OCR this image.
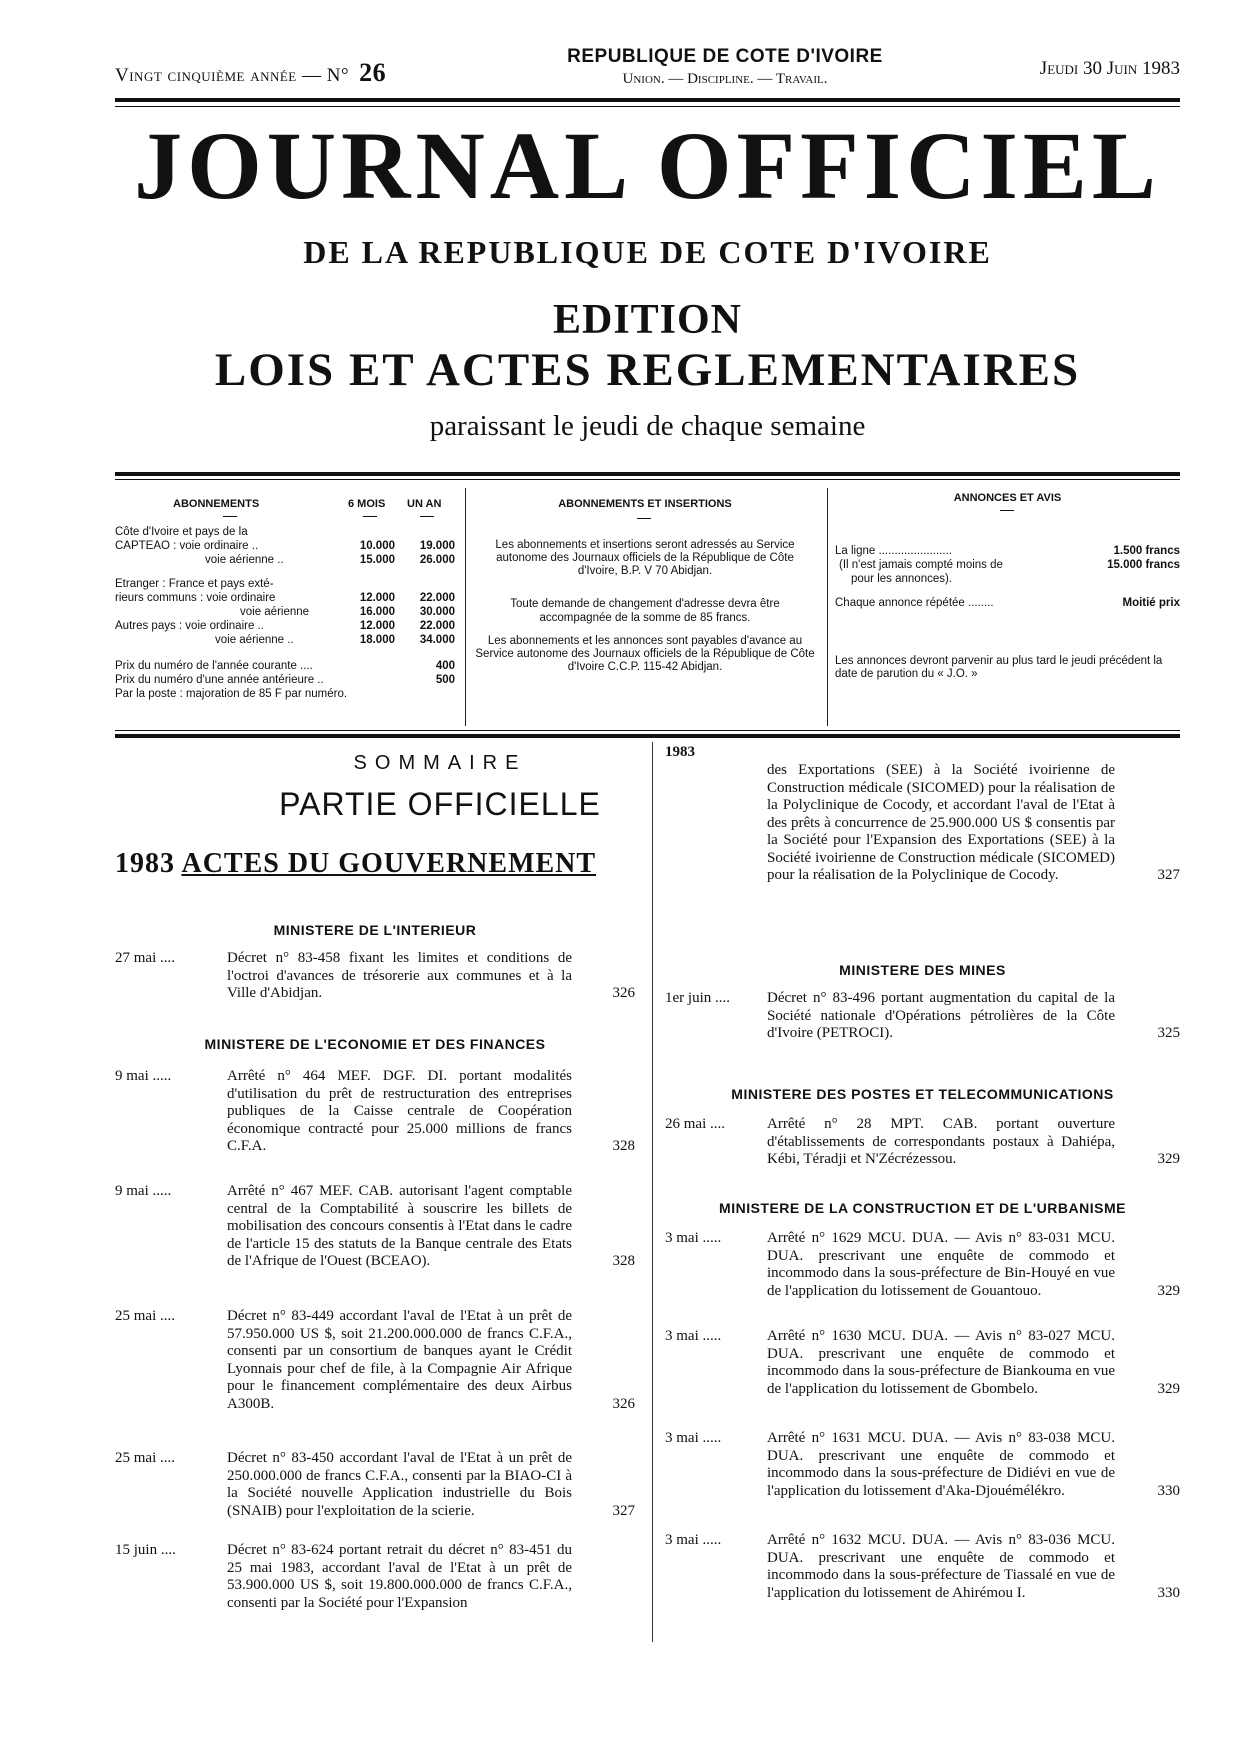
Vingt cinquième année — N° 26
REPUBLIQUE DE COTE D'IVOIRE
Union. — Discipline. — Travail.	Jeudi 30 Juin 1983
JOURNAL OFFICIEL
DE LA REPUBLIQUE DE COTE D'IVOIRE
EDITION
LOIS ET ACTES REGLEMENTAIRES
paraissant le jeudi de chaque semaine
ABONNEMENTS	6 MOIS UN AN
Côte d'Ivoire et pays de la
CAPTEAO : voie ordinaire ..	10.000	19.000
voie aérienne ..	15.000	26.000
Etranger : France et pays exté-
rieurs communs : voie ordinaire	12.000	22.000
voie aérienne	16.000	30.000
Autres pays : voie ordinaire ..	12.000	22.000
voie aérienne ..	18.000	34.000
Prix du numéro de l'année courante ....	400
Prix du numéro d'une année antérieure ..	500
Par la poste : majoration de 85 F par numéro.
ABONNEMENTS ET INSERTIONS

Les abonnements et insertions seront adressés au Service autonome des Journaux officiels de la République de Côte d'Ivoire, B.P. V 70 Abidjan.

Toute demande de changement d'adresse devra être accompagnée de la somme de 85 francs.

Les abonnements et les annonces sont payables d'avance au Service autonome des Journaux officiels de la République de Côte d'Ivoire C.C.P. 115-42 Abidjan.

ANNONCES ET AVIS
La ligne .......................	1.500 francs
(Il n'est jamais compté moins de	15.000 francs
pour les annonces).
Chaque annonce répétée ........	Moitié prix

Les annonces devront parvenir au plus tard le jeudi précédent la date de parution du « J.O. »

SOMMAIRE
PARTIE OFFICIELLE
1983 ACTES DU GOUVERNEMENT
MINISTERE DE L'INTERIEUR
27 mai ....	Décret n° 83-458 fixant les limites et conditions de l'octroi d'avances de trésorerie aux communes et à la Ville d'Abidjan.	326
MINISTERE DE L'ECONOMIE ET DES FINANCES
9 mai .....	Arrêté n° 464 MEF. DGF. DI. portant modalités d'utilisation du prêt de restructuration des entreprises publiques de la Caisse centrale de Coopération économique contracté pour 25.000 millions de francs C.F.A.	328
9 mai .....	Arrêté n° 467 MEF. CAB. autorisant l'agent comptable central de la Comptabilité à souscrire les billets de mobilisation des concours consentis à l'Etat dans le cadre de l'article 15 des statuts de la Banque centrale des Etats de l'Afrique de l'Ouest (BCEAO).	328
25 mai ....	Décret n° 83-449 accordant l'aval de l'Etat à un prêt de 57.950.000 US $, soit 21.200.000.000 de francs C.F.A., consenti par un consortium de banques ayant le Crédit Lyonnais pour chef de file, à la Compagnie Air Afrique pour le financement complémentaire des deux Airbus A300B.	326
25 mai ....	Décret n° 83-450 accordant l'aval de l'Etat à un prêt de 250.000.000 de francs C.F.A., consenti par la BIAO-CI à la Société nouvelle Application industrielle du Bois (SNAIB) pour l'exploitation de la scierie.	327
15 juin ....	Décret n° 83-624 portant retrait du décret n° 83-451 du 25 mai 1983, accordant l'aval de l'Etat à un prêt de 53.900.000 US $, soit 19.800.000.000 de francs C.F.A., consenti par la Société pour l'Expansion
1983
des Exportations (SEE) à la Société ivoirienne de Construction médicale (SICOMED) pour la réalisation de la Polyclinique de Cocody, et accordant l'aval de l'Etat à des prêts à concurrence de 25.900.000 US $ consentis par la Société pour l'Expansion des Exportations (SEE) à la Société ivoirienne de Construction médicale (SICOMED) pour la réalisation de la Polyclinique de Cocody.	327
MINISTERE DES MINES
1er juin ....	Décret n° 83-496 portant augmentation du capital de la Société nationale d'Opérations pétrolières de la Côte d'Ivoire (PETROCI).	325
MINISTERE DES POSTES ET TELECOMMUNICATIONS
26 mai ....	Arrêté n° 28 MPT. CAB. portant ouverture d'établissements de correspondants postaux à Dahiépa, Kébi, Téradji et N'Zécrézessou.	329
MINISTERE DE LA CONSTRUCTION ET DE L'URBANISME
3 mai .....	Arrêté n° 1629 MCU. DUA. — Avis n° 83-031 MCU. DUA. prescrivant une enquête de commodo et incommodo dans la sous-préfecture de Bin-Houyé en vue de l'application du lotissement de Gouantouo.	329
3 mai .....	Arrêté n° 1630 MCU. DUA. — Avis n° 83-027 MCU. DUA. prescrivant une enquête de commodo et incommodo dans la sous-préfecture de Biankouma en vue de l'application du lotissement de Gbombelo.	329
3 mai .....	Arrêté n° 1631 MCU. DUA. — Avis n° 83-038 MCU. DUA. prescrivant une enquête de commodo et incommodo dans la sous-préfecture de Didiévi en vue de l'application du lotissement d'Aka-Djouémélékro.	330
3 mai .....	Arrêté n° 1632 MCU. DUA. — Avis n° 83-036 MCU. DUA. prescrivant une enquête de commodo et incommodo dans la sous-préfecture de Tiassalé en vue de l'application du lotissement de Ahirémou I.	330
